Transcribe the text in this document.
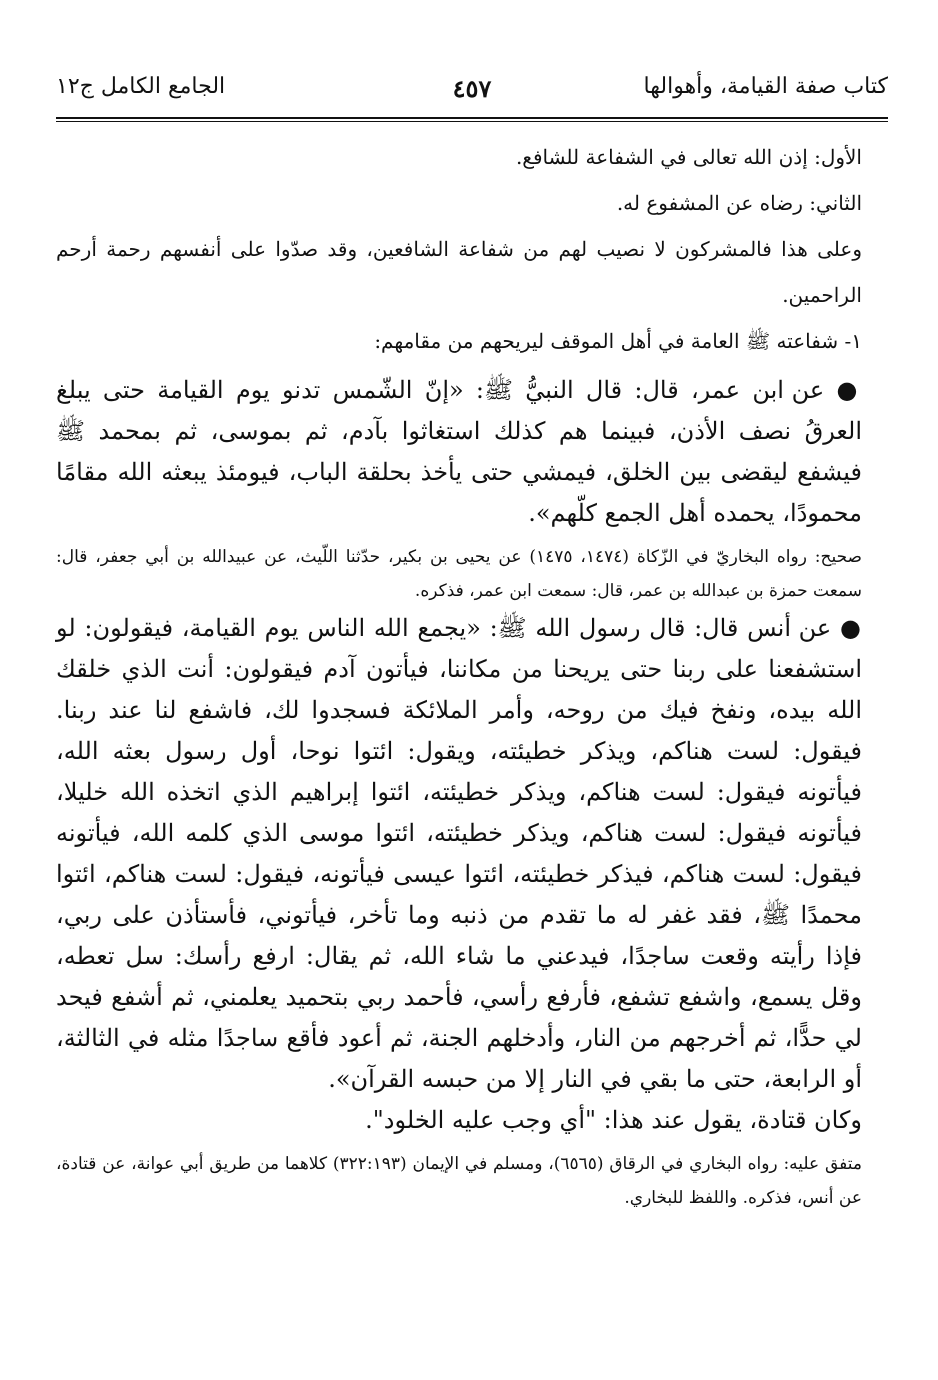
كتاب صفة القيامة، وأهوالها
٤٥٧
الجامع الكامل ج١٢

الأول: إذن الله تعالى في الشفاعة للشافع.

الثاني: رضاه عن المشفوع له.

وعلى هذا فالمشركون لا نصيب لهم من شفاعة الشافعين، وقد صدّوا على أنفسهم رحمة أرحم الراحمين.

١- شفاعته ﷺ العامة في أهل الموقف ليريحهم من مقامهم:

● عن ابن عمر، قال: قال النبيُّ ﷺ: «إنّ الشّمس تدنو يوم القيامة حتى يبلغ العرقُ نصف الأذن، فبينما هم كذلك استغاثوا بآدم، ثم بموسى، ثم بمحمد ﷺ فيشفع ليقضى بين الخلق، فيمشي حتى يأخذ بحلقة الباب، فيومئذ يبعثه الله مقامًا محمودًا، يحمده أهل الجمع كلّهم».

صحيح: رواه البخاريّ في الزّكاة (١٤٧٤، ١٤٧٥) عن يحيى بن بكير، حدّثنا اللّيث، عن عبيدالله بن أبي جعفر، قال: سمعت حمزة بن عبدالله بن عمر، قال: سمعت ابن عمر، فذكره.

● عن أنس قال: قال رسول الله ﷺ: «يجمع الله الناس يوم القيامة، فيقولون: لو استشفعنا على ربنا حتى يريحنا من مكاننا، فيأتون آدم فيقولون: أنت الذي خلقك الله بيده، ونفخ فيك من روحه، وأمر الملائكة فسجدوا لك، فاشفع لنا عند ربنا. فيقول: لست هناكم، ويذكر خطيئته، ويقول: ائتوا نوحا، أول رسول بعثه الله، فيأتونه فيقول: لست هناكم، ويذكر خطيئته، ائتوا إبراهيم الذي اتخذه الله خليلا، فيأتونه فيقول: لست هناكم، ويذكر خطيئته، ائتوا موسى الذي كلمه الله، فيأتونه فيقول: لست هناكم، فيذكر خطيئته، ائتوا عيسى فيأتونه، فيقول: لست هناكم، ائتوا محمدًا ﷺ، فقد غفر له ما تقدم من ذنبه وما تأخر، فيأتوني، فأستأذن على ربي، فإذا رأيته وقعت ساجدًا، فيدعني ما شاء الله، ثم يقال: ارفع رأسك: سل تعطه، وقل يسمع، واشفع تشفع، فأرفع رأسي، فأحمد ربي بتحميد يعلمني، ثم أشفع فيحد لي حدًّا، ثم أخرجهم من النار، وأدخلهم الجنة، ثم أعود فأقع ساجدًا مثله في الثالثة، أو الرابعة، حتى ما بقي في النار إلا من حبسه القرآن».

وكان قتادة، يقول عند هذا: "أي وجب عليه الخلود".

متفق عليه: رواه البخاري في الرقاق (٦٥٦٥)، ومسلم في الإيمان (٣٢٢:١٩٣) كلاهما من طريق أبي عوانة، عن قتادة، عن أنس، فذكره. واللفظ للبخاري.
